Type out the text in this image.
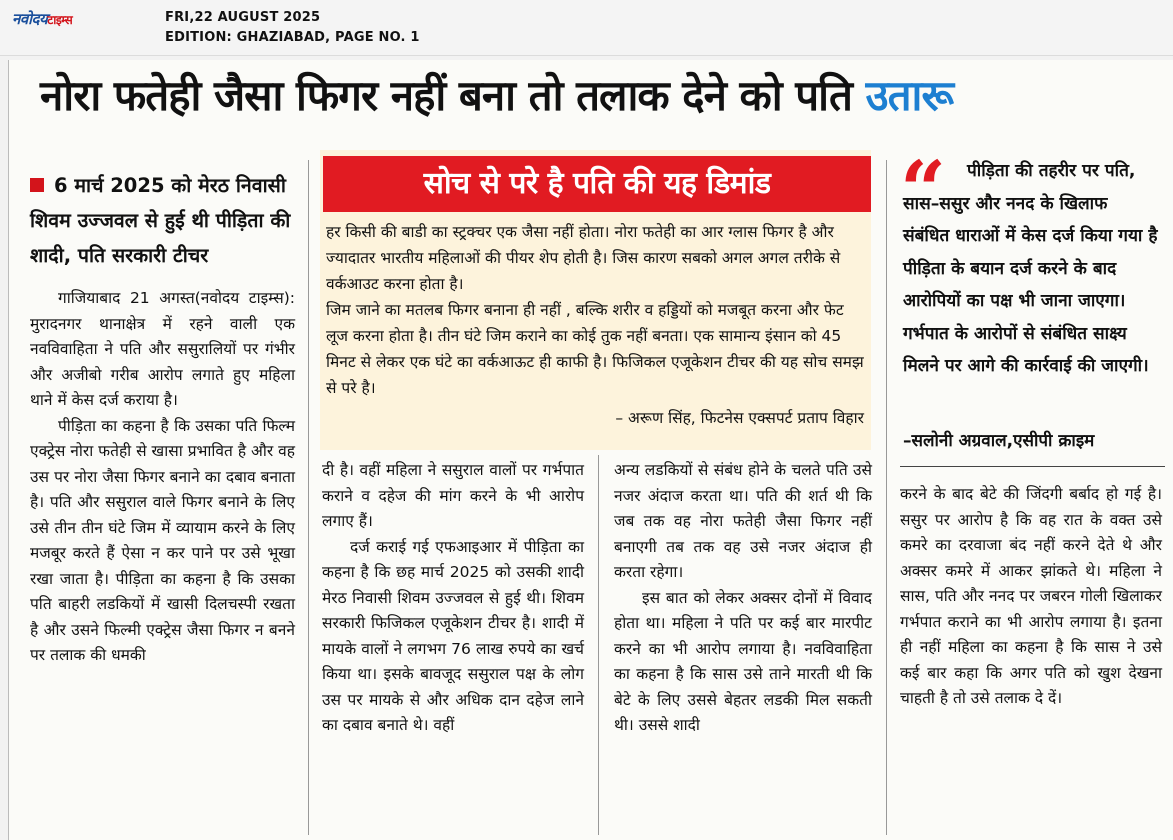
नवोदयटाइम्स	FRI,22 AUGUST 2025
EDITION: GHAZIABAD, PAGE NO. 1
नोरा फतेही जैसा फिगर नहीं बना तो तलाक देने को पति उतारू
6 मार्च 2025 को मेरठ निवासी शिवम उज्जवल से हुई थी पीड़िता की शादी, पति सरकारी टीचर

गाजियाबाद 21 अगस्त(नवोदय टाइम्स): मुरादनगर थानाक्षेत्र में रहने वाली एक नवविवाहिता ने पति और ससुरालियों पर गंभीर और अजीबो गरीब आरोप लगाते हुए महिला थाने में केस दर्ज कराया है।

पीड़िता का कहना है कि उसका पति फिल्म एक्ट्रेस नोरा फतेही से खासा प्रभावित है और वह उस पर नोरा जैसा फिगर बनाने का दबाव बनाता है। पति और ससुराल वाले फिगर बनाने के लिए उसे तीन तीन घंटे जिम में व्यायाम करने के लिए मजबूर करते हैं ऐसा न कर पाने पर उसे भूखा रखा जाता है। पीड़िता का कहना है कि उसका पति बाहरी लडकियों में खासी दिलचस्पी रखता है और उसने फिल्मी एक्ट्रेस जैसा फिगर न बनने पर तलाक की धमकी

सोच से परे है पति की यह डिमांड

हर किसी की बाडी का स्ट्रक्चर एक जैसा नहीं होता। नोरा फतेही का आर ग्लास फिगर है और ज्यादातर भारतीय महिलाओं की पीयर शेप होती है। जिस कारण सबको अगल अगल तरीके से वर्कआउट करना होता है।

जिम जाने का मतलब फिगर बनाना ही नहीं , बल्कि शरीर व हड्डियों को मजबूत करना और फेट लूज करना होता है। तीन घंटे जिम कराने का कोई तुक नहीं बनता। एक सामान्य इंसान को 45 मिनट से लेकर एक घंटे का वर्कआऊट ही काफी है। फिजिकल एजूकेशन टीचर की यह सोच समझ से परे है।

– अरूण सिंह, फिटनेस एक्सपर्ट प्रताप विहार
“	पीड़िता की तहरीर पर पति, सास–ससुर और ननद के खिलाफ संबंधित धाराओं में केस दर्ज किया गया है पीड़िता के बयान दर्ज करने के बाद आरोपियों का पक्ष भी जाना जाएगा। गर्भपात के आरोपों से संबंधित साक्ष्य मिलने पर आगे की कार्रवाई की जाएगी।
–सलोनी अग्रवाल,एसीपी क्राइम

दी है। वहीं महिला ने ससुराल वालों पर गर्भपात कराने व दहेज की मांग करने के भी आरोप लगाए हैं।

दर्ज कराई गई एफआइआर में पीड़िता का कहना है कि छह मार्च 2025 को उसकी शादी मेरठ निवासी शिवम उज्जवल से हुई थी। शिवम सरकारी फिजिकल एजूकेशन टीचर है। शादी में मायके वालों ने लगभग 76 लाख रुपये का खर्च किया था। इसके बावजूद ससुराल पक्ष के लोग उस पर मायके से और अधिक दान दहेज लाने का दबाव बनाते थे। वहीं

अन्य लडकियों से संबंध होने के चलते पति उसे नजर अंदाज करता था। पति की शर्त थी कि जब तक वह नोरा फतेही जैसा फिगर नहीं बनाएगी तब तक वह उसे नजर अंदाज ही करता रहेगा।

इस बात को लेकर अक्सर दोनों में विवाद होता था। महिला ने पति पर कई बार मारपीट करने का भी आरोप लगाया है। नवविवाहिता का कहना है कि सास उसे ताने मारती थी कि बेटे के लिए उससे बेहतर लडकी मिल सकती थी। उससे शादी

करने के बाद बेटे की जिंदगी बर्बाद हो गई है। ससुर पर आरोप है कि वह रात के वक्त उसे कमरे का दरवाजा बंद नहीं करने देते थे और अक्सर कमरे में आकर झांकते थे। महिला ने सास, पति और ननद पर जबरन गोली खिलाकर गर्भपात कराने का भी आरोप लगाया है। इतना ही नहीं महिला का कहना है कि सास ने उसे कई बार कहा कि अगर पति को खुश देखना चाहती है तो उसे तलाक दे दें।
